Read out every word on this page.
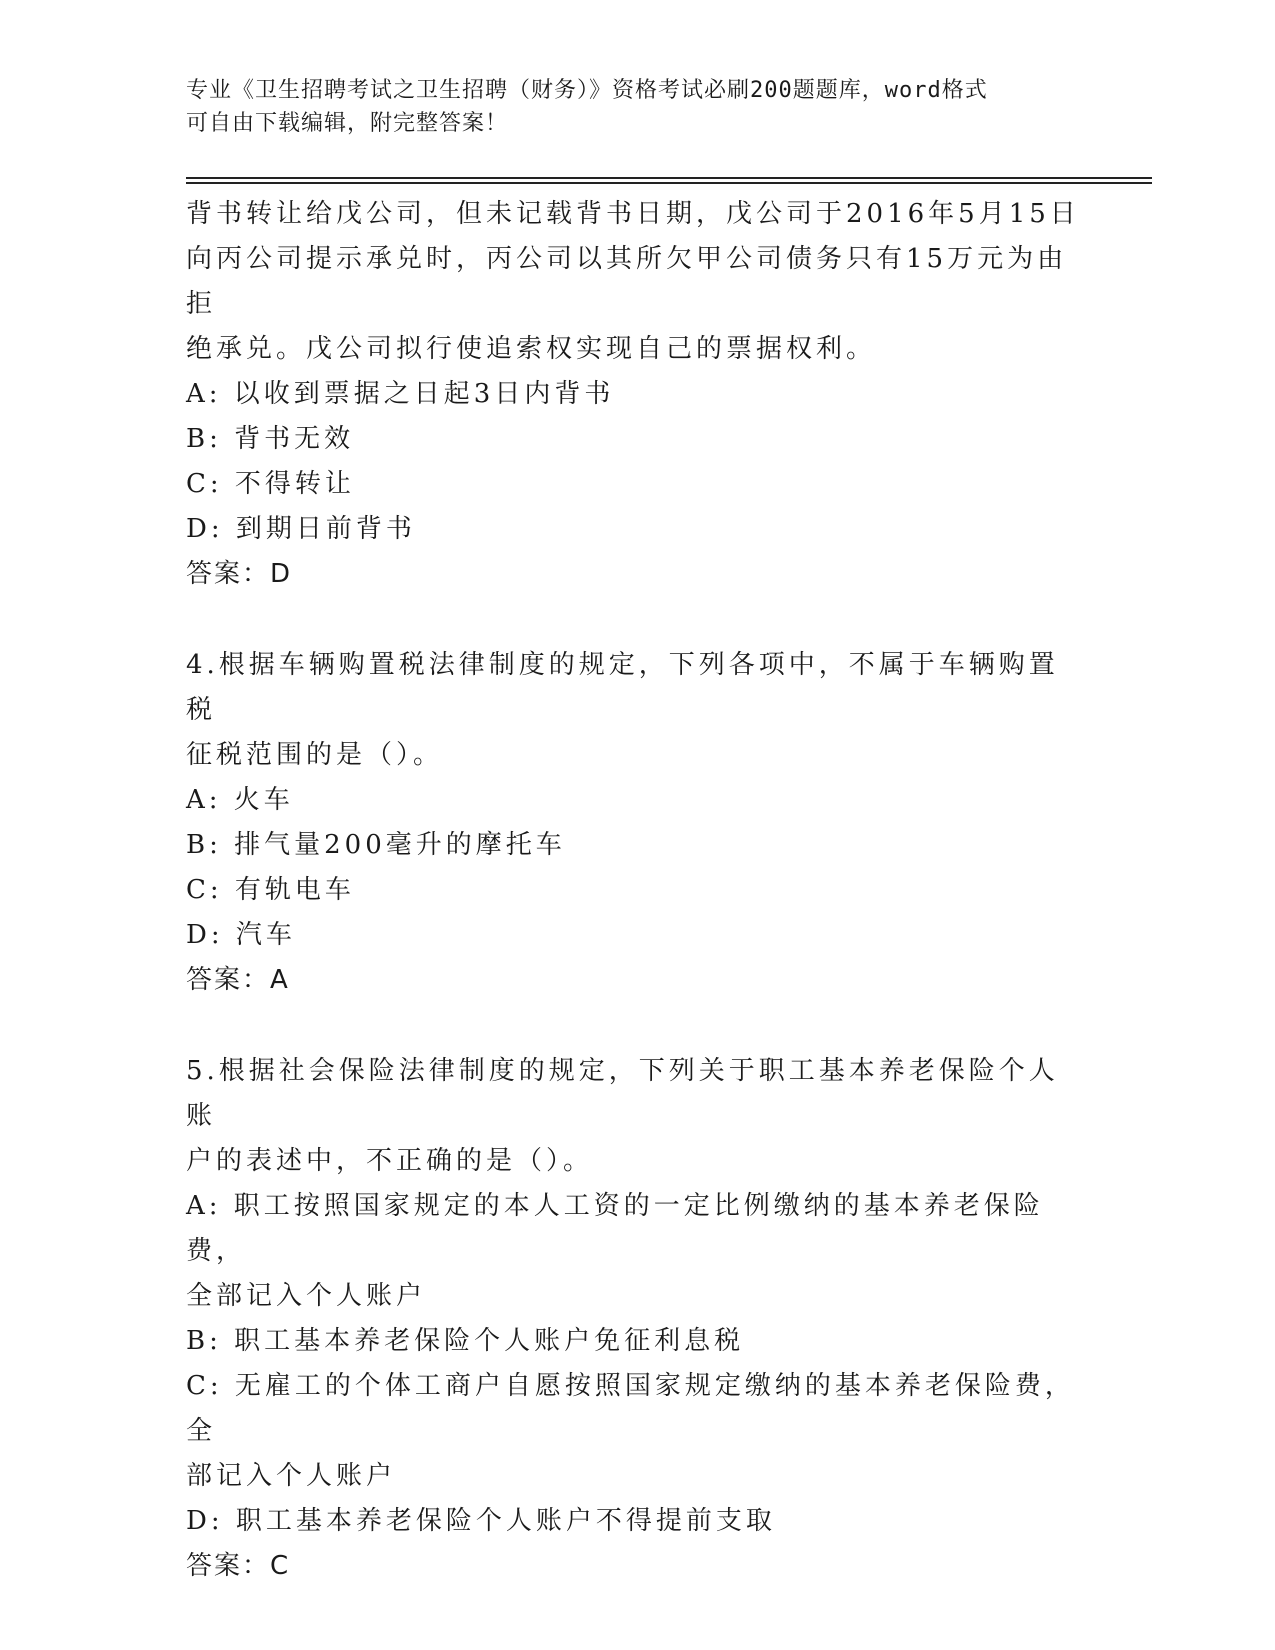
专业《卫生招聘考试之卫生招聘（财务）》资格考试必刷200题题库，word格式
可自由下载编辑，附完整答案！

背书转让给戊公司，但未记载背书日期，戊公司于2016年5月15日

向丙公司提示承兑时，丙公司以其所欠甲公司债务只有15万元为由拒

绝承兑。戊公司拟行使追索权实现自己的票据权利。

A: 以收到票据之日起3日内背书

B: 背书无效

C: 不得转让

D: 到期日前背书

答案：D

4.根据车辆购置税法律制度的规定，下列各项中，不属于车辆购置税

征税范围的是（）。

A: 火车

B: 排气量200毫升的摩托车

C: 有轨电车

D: 汽车

答案：A

5.根据社会保险法律制度的规定，下列关于职工基本养老保险个人账

户的表述中，不正确的是（）。

A: 职工按照国家规定的本人工资的一定比例缴纳的基本养老保险费，

全部记入个人账户

B: 职工基本养老保险个人账户免征利息税

C: 无雇工的个体工商户自愿按照国家规定缴纳的基本养老保险费，全

部记入个人账户

D: 职工基本养老保险个人账户不得提前支取

答案：C
